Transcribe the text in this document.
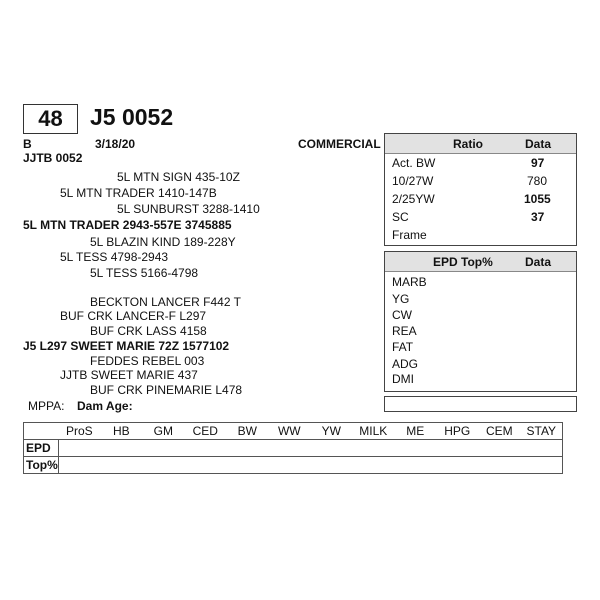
48	J5 0052
B	3/18/20
JJTB 0052
COMMERCIAL
5L MTN SIGN 435-10Z
5L MTN TRADER 1410-147B
5L SUNBURST 3288-1410
5L MTN TRADER 2943-557E 3745885
5L BLAZIN KIND 189-228Y
5L TESS 4798-2943
5L TESS 5166-4798
BECKTON LANCER F442 T
BUF CRK LANCER-F L297
BUF CRK LASS 4158
J5 L297 SWEET MARIE 72Z 1577102
FEDDES REBEL 003
JJTB SWEET MARIE 437
BUF CRK PINEMARIE L478
MPPA: Dam Age:
Ratio	Data
Act. BW	97
10/27W	780
2/25YW	1055
SC	37
Frame
EPD Top%	Data
MARB
YG
CW
REA
FAT
ADG
DMI
	ProS	HB	GM	CED	BW	WW	YW	MILK	ME	HPG	CEM	STAY
EPD												
Top%												
